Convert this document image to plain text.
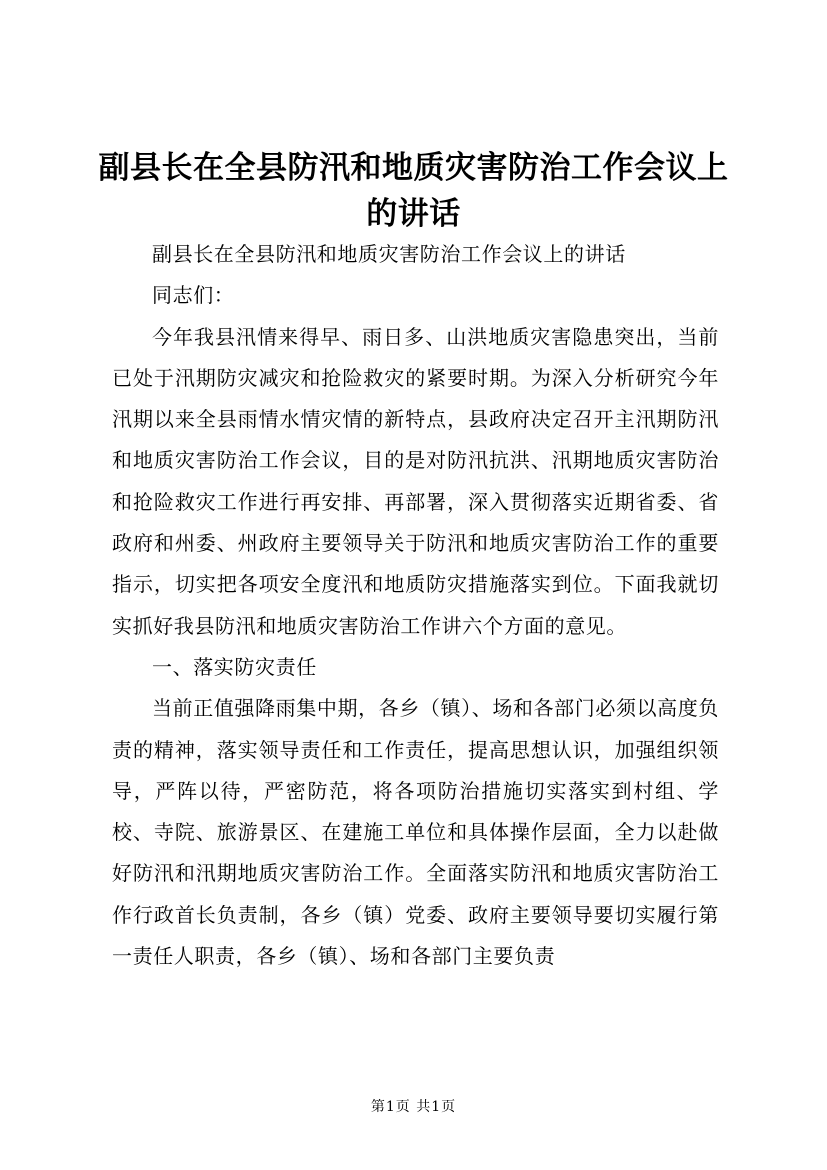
副县长在全县防汛和地质灾害防治工作会议上的讲话

副县长在全县防汛和地质灾害防治工作会议上的讲话

同志们：

今年我县汛情来得早、雨日多、山洪地质灾害隐患突出，当前已处于汛期防灾减灾和抢险救灾的紧要时期。为深入分析研究今年汛期以来全县雨情水情灾情的新特点，县政府决定召开主汛期防汛和地质灾害防治工作会议，目的是对防汛抗洪、汛期地质灾害防治和抢险救灾工作进行再安排、再部署，深入贯彻落实近期省委、省政府和州委、州政府主要领导关于防汛和地质灾害防治工作的重要指示，切实把各项安全度汛和地质防灾措施落实到位。下面我就切实抓好我县防汛和地质灾害防治工作讲六个方面的意见。

一、落实防灾责任

当前正值强降雨集中期，各乡（镇）、场和各部门必须以高度负责的精神，落实领导责任和工作责任，提高思想认识，加强组织领导，严阵以待，严密防范，将各项防治措施切实落实到村组、学校、寺院、旅游景区、在建施工单位和具体操作层面，全力以赴做好防汛和汛期地质灾害防治工作。全面落实防汛和地质灾害防治工作行政首长负责制，各乡（镇）党委、政府主要领导要切实履行第一责任人职责，各乡（镇）、场和各部门主要负责

第1页 共1页
